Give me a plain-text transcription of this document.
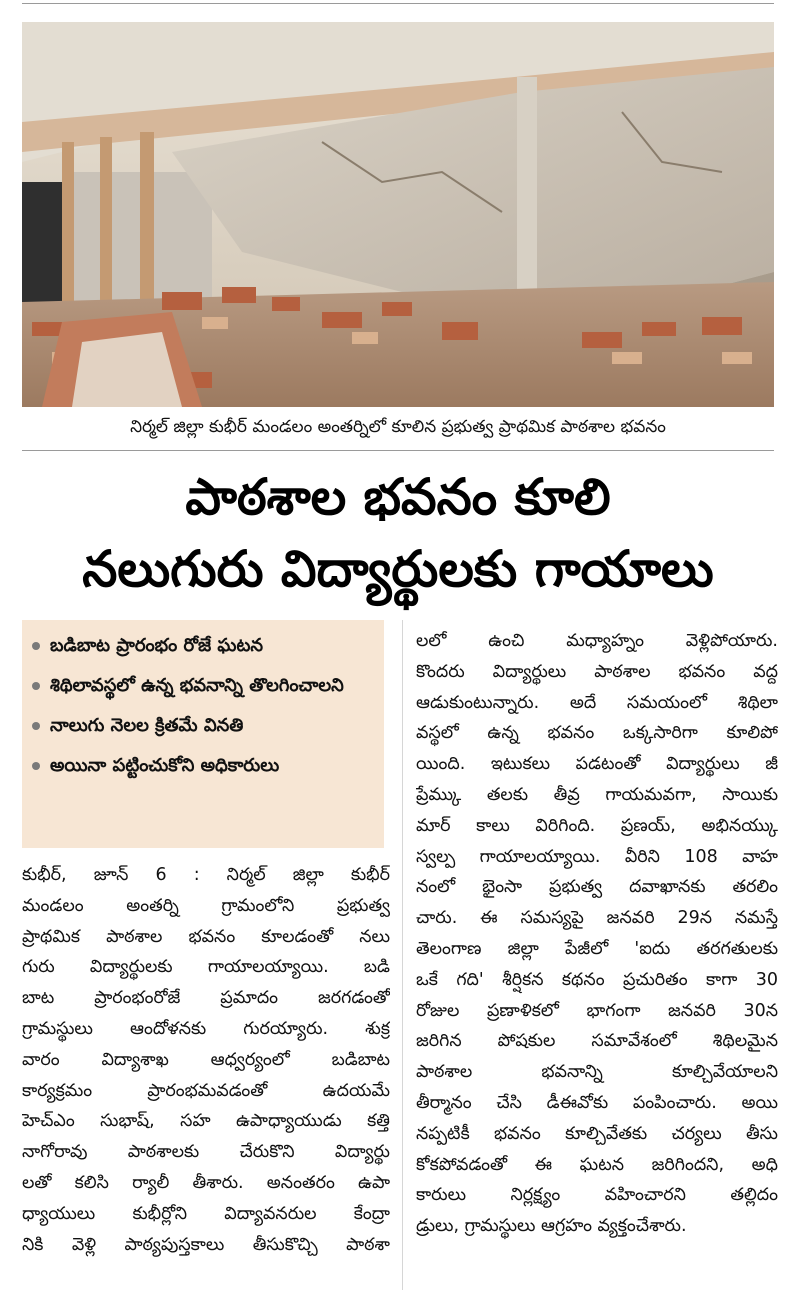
నిర్మల్ జిల్లా కుభీర్ మండలం అంతర్నిలో కూలిన ప్రభుత్వ ప్రాథమిక పాఠశాల భవనం
పాఠశాల భవనం కూలి
నలుగురు విద్యార్థులకు గాయాలు
బడిబాట ప్రారంభం రోజే ఘటన
శిథిలావస్థలో ఉన్న భవనాన్ని తొలగించాలని
నాలుగు నెలల క్రితమే వినతి
అయినా పట్టించుకోని అధికారులు
కుభీర్, జూన్ 6 : నిర్మల్ జిల్లా కుభీర్
మండలం అంతర్ని గ్రామంలోని ప్రభుత్వ
ప్రాథమిక పాఠశాల భవనం కూలడంతో నలు
గురు విద్యార్థులకు గాయాలయ్యాయి. బడి
బాట ప్రారంభంరోజే ప్రమాదం జరగడంతో
గ్రామస్థులు ఆందోళనకు గురయ్యారు. శుక్ర
వారం విద్యాశాఖ ఆధ్వర్యంలో బడిబాట
కార్యక్రమం ప్రారంభమవడంతో ఉదయమే
హెచ్ఎం సుభాష్, సహ ఉపాధ్యాయుడు కత్తి
నాగోరావు పాఠశాలకు చేరుకొని విద్యార్థు
లతో కలిసి ర్యాలీ తీశారు. అనంతరం ఉపా
ధ్యాయులు కుభీర్లోని విద్యావనరుల కేంద్రా
నికి వెళ్లి పాఠ్యపుస్తకాలు తీసుకొచ్చి పాఠశా
లలో ఉంచి మధ్యాహ్నం వెళ్లిపోయారు.
కొందరు విద్యార్థులు పాఠశాల భవనం వద్ద
ఆడుకుంటున్నారు. అదే సమయంలో శిథిలా
వస్థలో ఉన్న భవనం ఒక్కసారిగా కూలిపో
యింది. ఇటుకలు పడటంతో విద్యార్థులు జీ
ప్రేమ్కు తలకు తీవ్ర గాయమవగా, సాయికు
మార్ కాలు విరిగింది. ప్రణయ్, అభినయ్కు
స్వల్ప గాయాలయ్యాయి. వీరిని 108 వాహ
నంలో భైంసా ప్రభుత్వ దవాఖానకు తరలిం
చారు. ఈ సమస్యపై జనవరి 29న నమస్తే
తెలంగాణ జిల్లా పేజీలో 'ఐదు తరగతులకు
ఒకే గది' శీర్షికన కథనం ప్రచురితం కాగా 30
రోజుల ప్రణాళికలో భాగంగా జనవరి 30న
జరిగిన పోషకుల సమావేశంలో శిథిలమైన
పాఠశాల భవనాన్ని కూల్చివేయాలని
తీర్మానం చేసి డీఈవోకు పంపించారు. అయి
నప్పటికీ భవనం కూల్చివేతకు చర్యలు తీసు
కోకపోవడంతో ఈ ఘటన జరిగిందని, అధి
కారులు నిర్లక్ష్యం వహించారని తల్లిదం
డ్రులు, గ్రామస్థులు ఆగ్రహం వ్యక్తంచేశారు.
